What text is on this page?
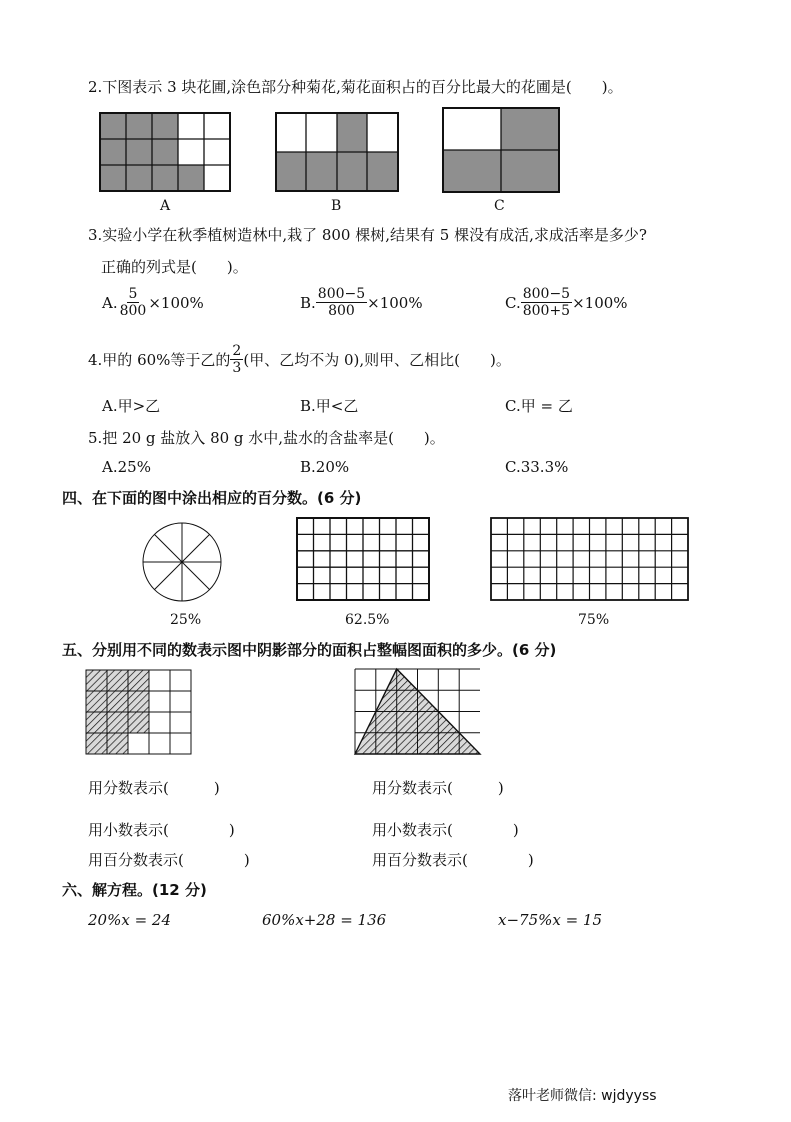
2.下图表示 3 块花圃,涂色部分种菊花,菊花面积占的百分比最大的花圃是(　　)。
A	B	C
3.实验小学在秋季植树造林中,栽了 800 棵树,结果有 5 棵没有成活,求成活率是多少?
正确的列式是(　　)。
A. $\frac{5}{800} \times 100\%$	B. $\frac{800-5}{800} \times 100\%$	C. $\frac{800-5}{800+5} \times 100\%$
4.甲的 60%等于乙的 $\frac{2}{3}$ (甲、乙均不为 0),则甲、乙相比(　　)。
A.甲>乙	B.甲<乙	C.甲 = 乙
5.把 20 g 盐放入 80 g 水中,盐水的含盐率是(　　)。
A.25%	B.20%	C.33.3%
四、在下面的图中涂出相应的百分数。(6 分)
25%	62.5%	75%
五、分别用不同的数表示图中阴影部分的面积占整幅图面积的多少。(6 分)
用分数表示(　　　)	用分数表示(　　　)
用小数表示(　　　　)	用小数表示(　　　　)
用百分数表示(　　　　)	用百分数表示(　　　　)
六、解方程。(12 分)
20%x = 24	60%x+28 = 136	x−75%x = 15
落叶老师微信: wjdyyss
